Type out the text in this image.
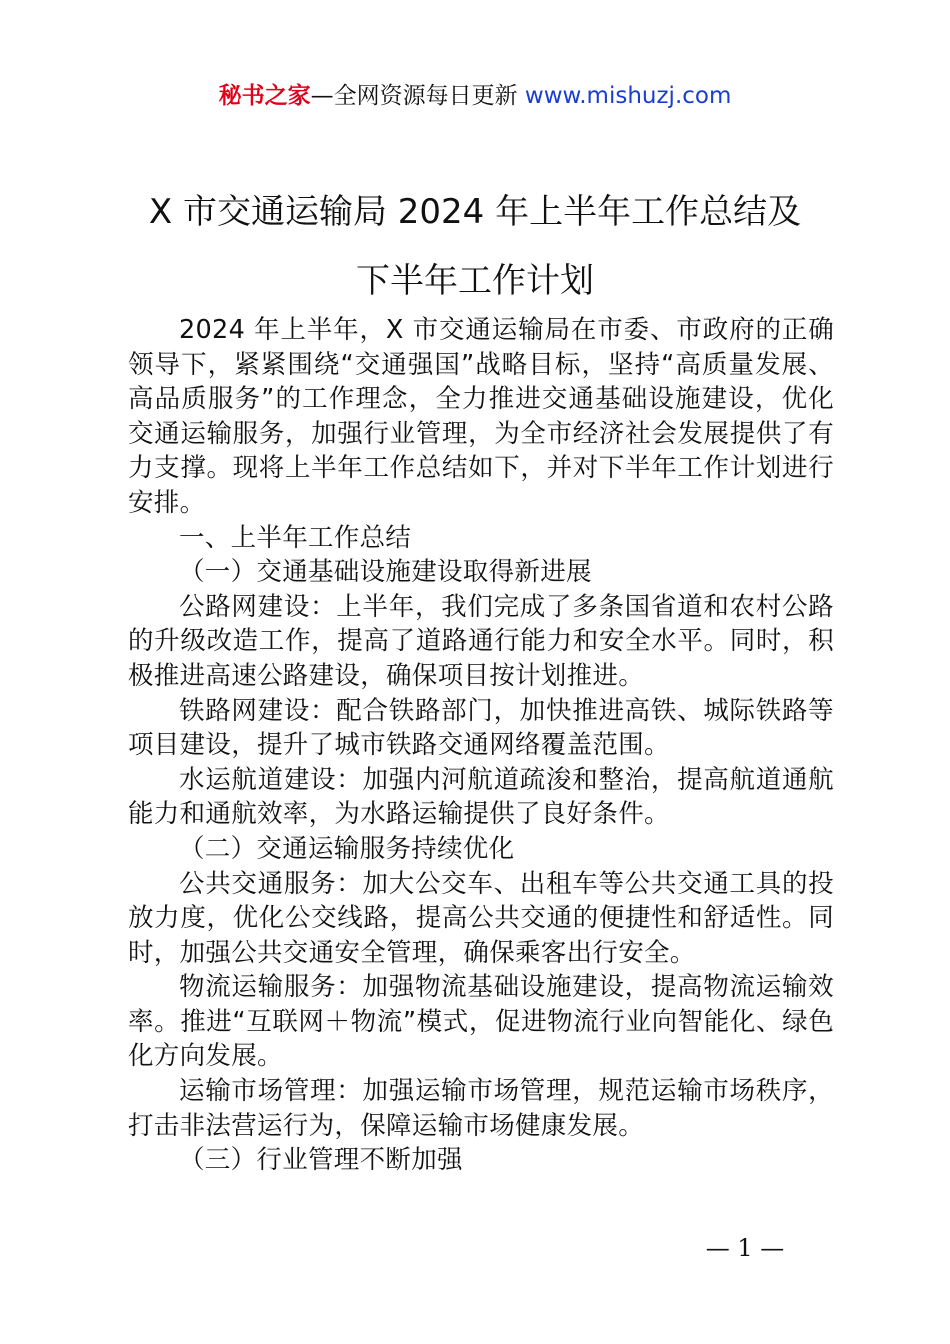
秘书之家—全网资源每日更新 www.mishuzj.com
X 市交通运输局 2024 年上半年工作总结及
下半年工作计划

2024 年上半年，X 市交通运输局在市委、市政府的正确领导下，紧紧围绕“交通强国”战略目标，坚持“高质量发展、高品质服务”的工作理念，全力推进交通基础设施建设，优化交通运输服务，加强行业管理，为全市经济社会发展提供了有力支撑。现将上半年工作总结如下，并对下半年工作计划进行安排。

一、上半年工作总结

（一）交通基础设施建设取得新进展

公路网建设：上半年，我们完成了多条国省道和农村公路的升级改造工作，提高了道路通行能力和安全水平。同时，积极推进高速公路建设，确保项目按计划推进。

铁路网建设：配合铁路部门，加快推进高铁、城际铁路等项目建设，提升了城市铁路交通网络覆盖范围。

水运航道建设：加强内河航道疏浚和整治，提高航道通航能力和通航效率，为水路运输提供了良好条件。

（二）交通运输服务持续优化

公共交通服务：加大公交车、出租车等公共交通工具的投放力度，优化公交线路，提高公共交通的便捷性和舒适性。同时，加强公共交通安全管理，确保乘客出行安全。

物流运输服务：加强物流基础设施建设，提高物流运输效率。推进“互联网＋物流”模式，促进物流行业向智能化、绿色化方向发展。

运输市场管理：加强运输市场管理，规范运输市场秩序，打击非法营运行为，保障运输市场健康发展。

（三）行业管理不断加强

— 1 —
